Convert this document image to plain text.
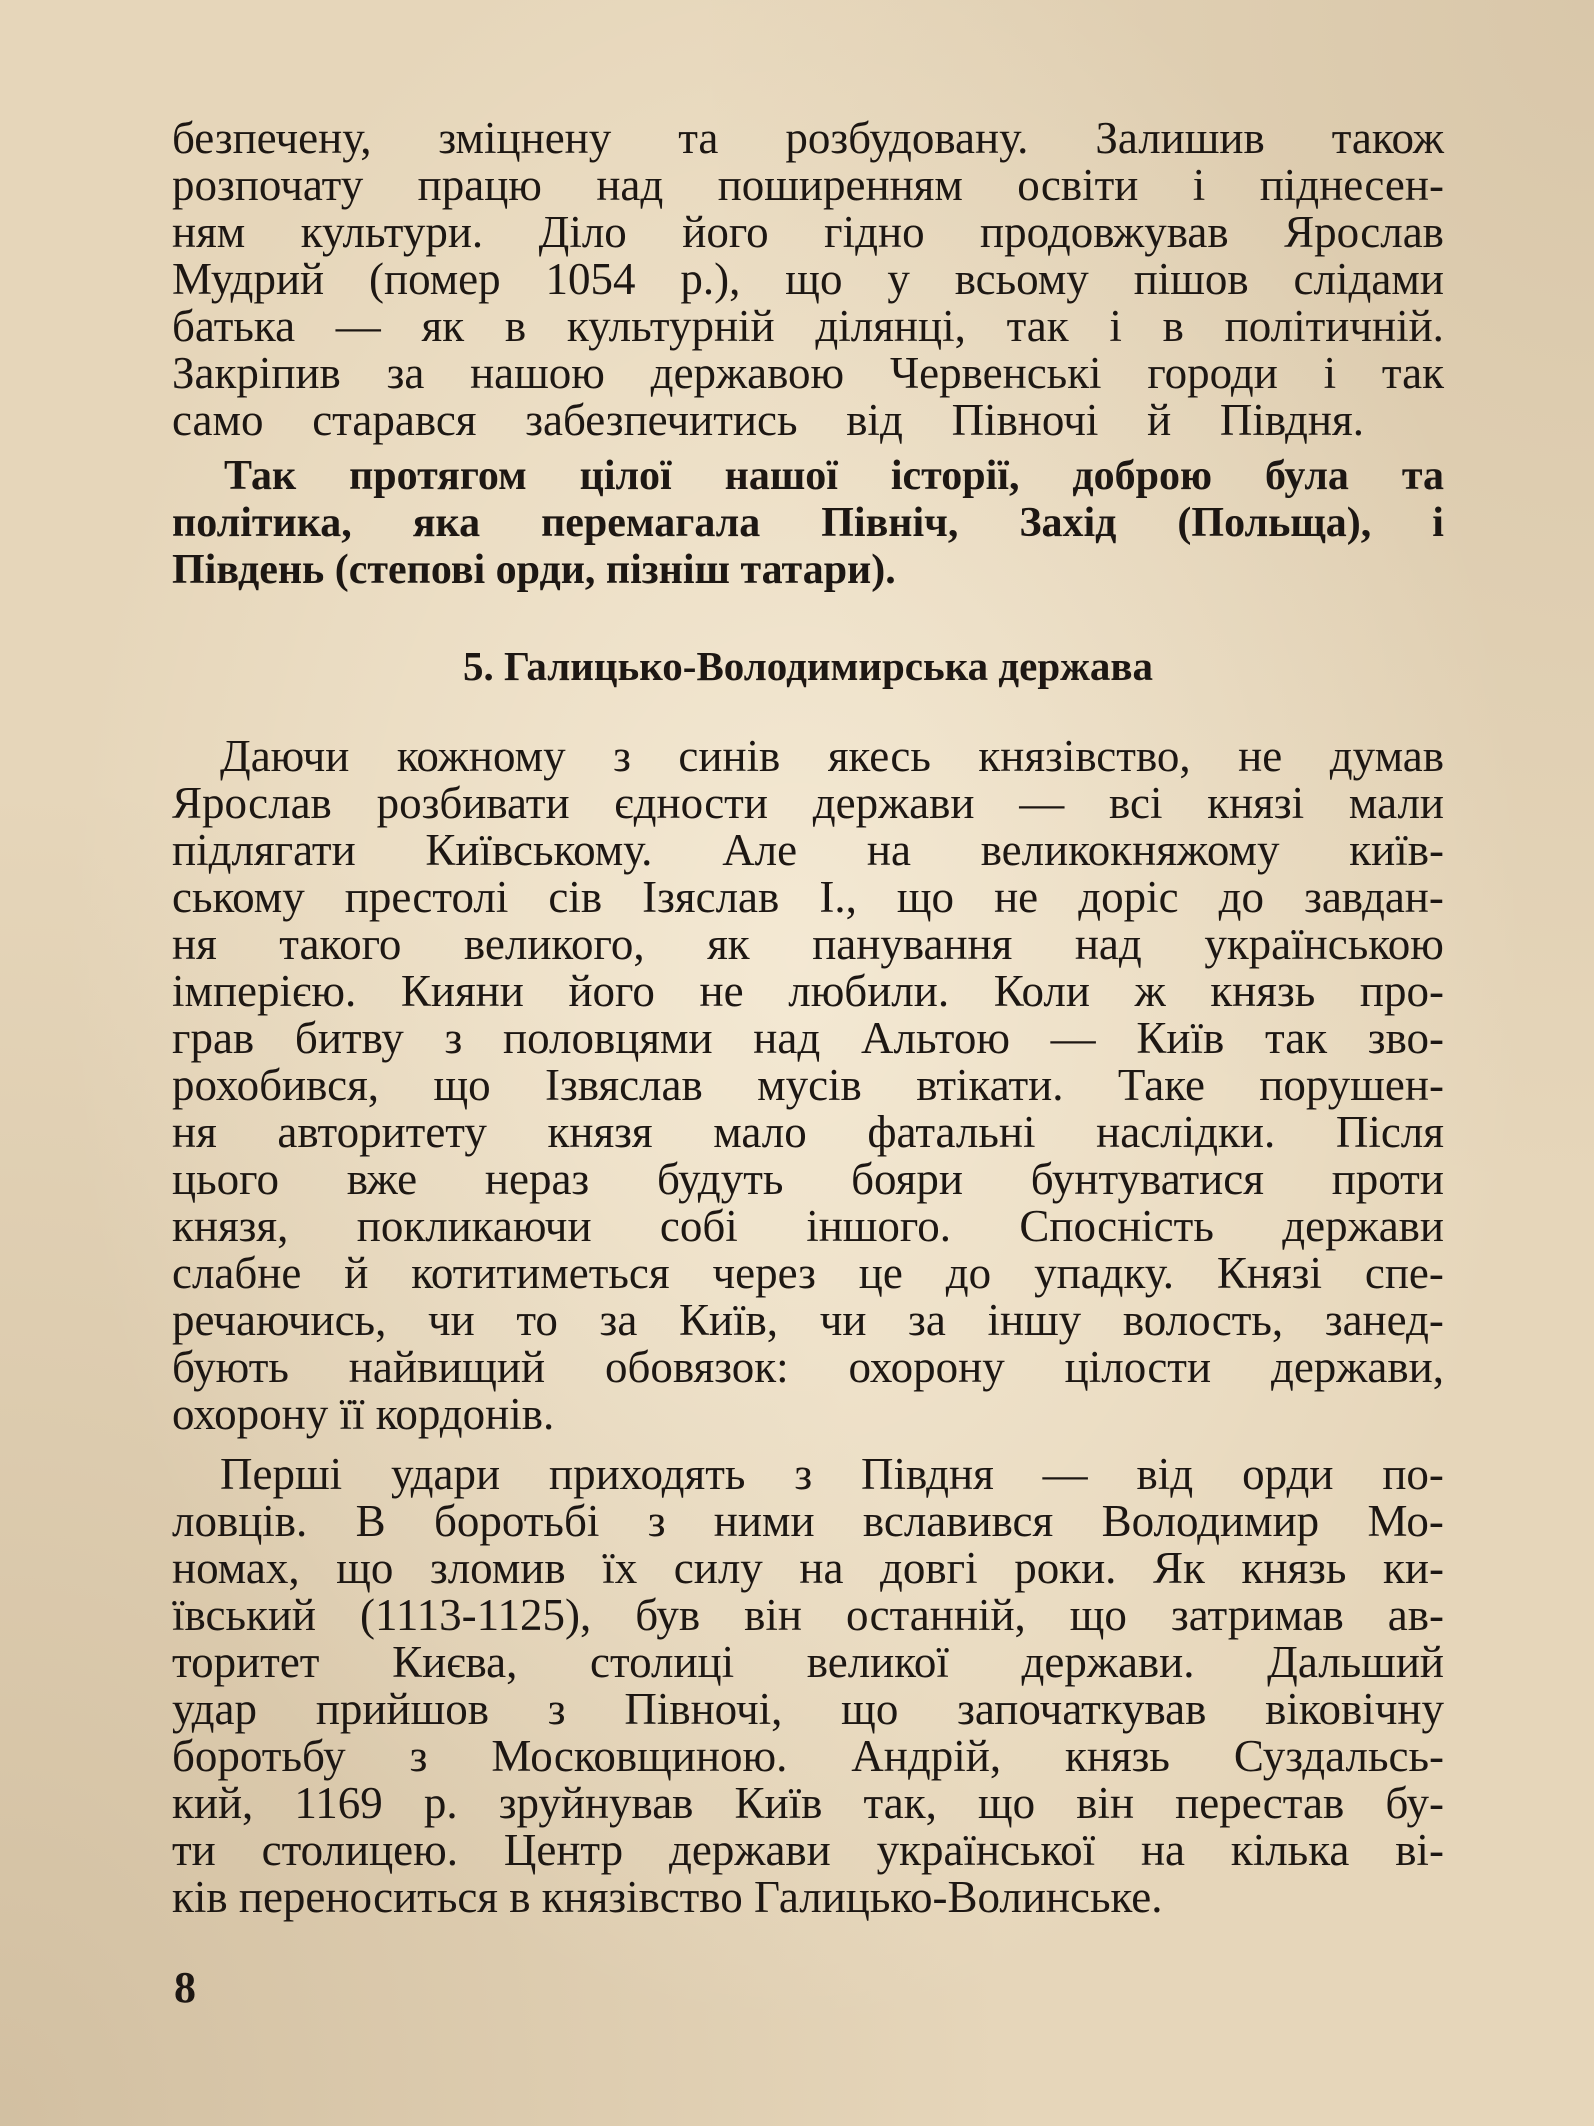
безпечену, зміцнену та розбудовану. Залишив також
розпочату працю над поширенням освіти і піднесен-
ням культури. Діло його гідно продовжував Ярослав
Мудрий (помер 1054 р.), що у всьому пішов слідами
батька — як в культурній ділянці, так і в політичній.
Закріпив за нашою державою Червенські городи і так
само старався забезпечитись від Півночі й Півдня.
Так протягом цілої нашої історії, доброю була та
політика, яка перемагала Північ, Захід (Польща), і
Південь (степові орди, пізніш татари).
5. Галицько-Володимирська держава
Даючи кожному з синів якесь князівство, не думав
Ярослав розбивати єдности держави — всі князі мали
підлягати Київському. Але на великокняжому київ-
ському престолі сів Ізяслав І., що не доріс до завдан-
ня такого великого, як панування над українською
імперією. Кияни його не любили. Коли ж князь про-
грав битву з половцями над Альтою — Київ так зво-
рохобився, що Ізвяслав мусів втікати. Таке порушен-
ня авторитету князя мало фатальні наслідки. Після
цього вже нераз будуть бояри бунтуватися проти
князя, покликаючи собі іншого. Спосність держави
слабне й котитиметься через це до упадку. Князі спе-
речаючись, чи то за Київ, чи за іншу волость, занед-
бують найвищий обовязок: охорону цілости держави,
охорону її кордонів.
Перші удари приходять з Півдня — від орди по-
ловців. В боротьбі з ними вславився Володимир Мо-
номах, що зломив їх силу на довгі роки. Як князь ки-
ївський (1113-1125), був він останній, що затримав ав-
торитет Києва, столиці великої держави. Дальший
удар прийшов з Півночі, що започаткував віковічну
боротьбу з Московщиною. Андрій, князь Суздальсь-
кий, 1169 р. зруйнував Київ так, що він перестав бу-
ти столицею. Центр держави української на кілька ві-
ків переноситься в князівство Галицько-Волинське.
8
